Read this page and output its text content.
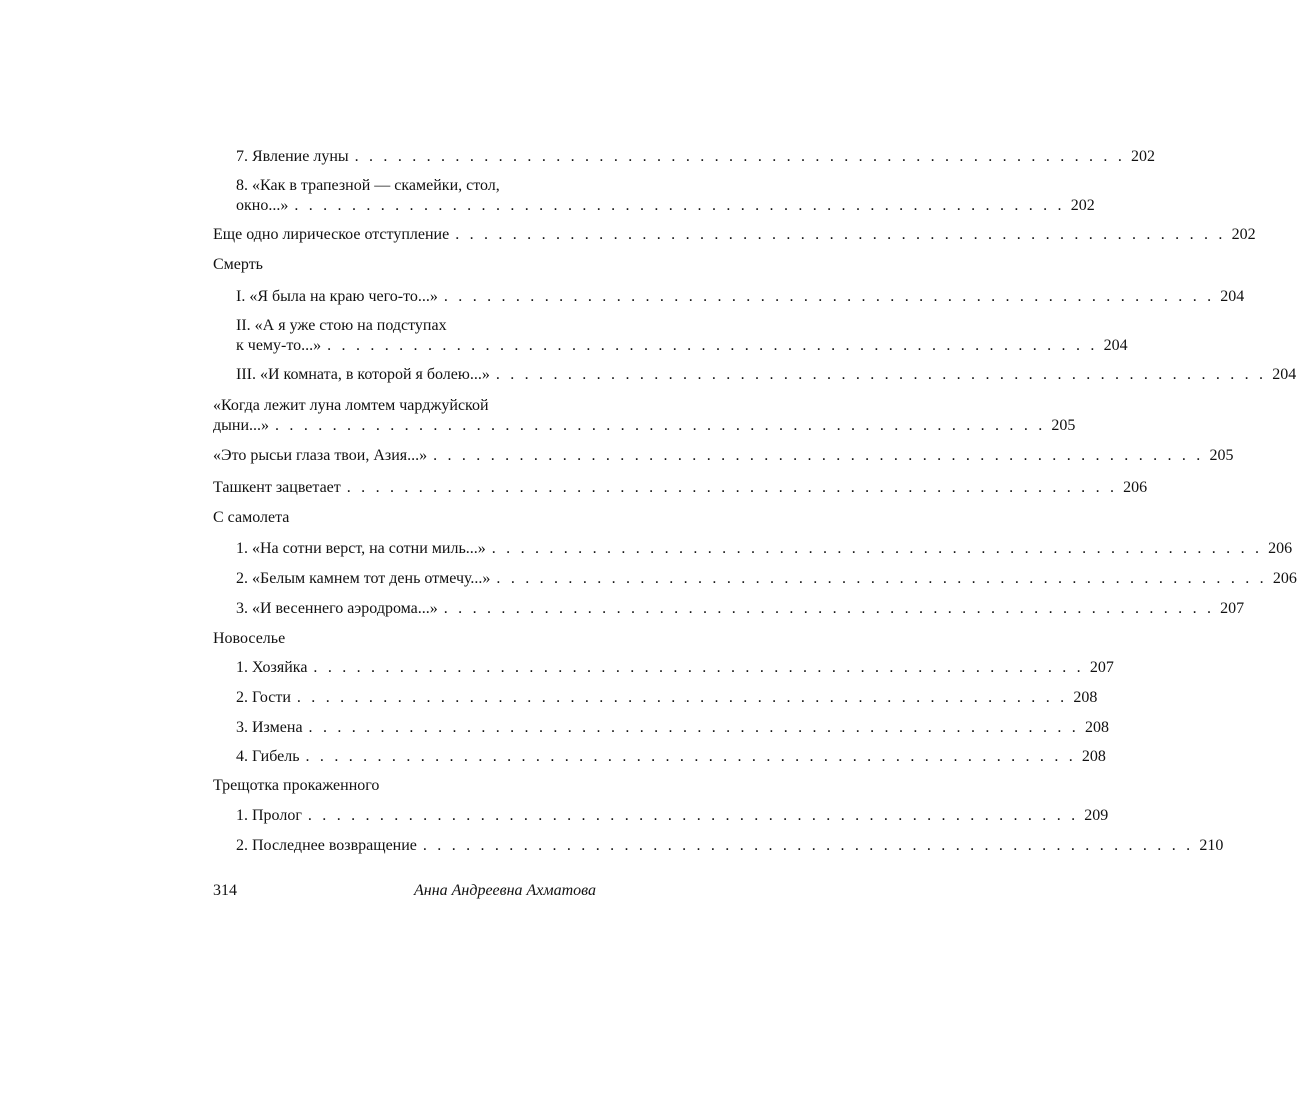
7. Явление луны . . . . . . . . . . . . . . . . . . . . . . . . . . . . . . . . . . . . . . . . . . . . . . . . . . . . . . 202
8. «Как в трапезной — скамейки, стол,
окно...» . . . . . . . . . . . . . . . . . . . . . . . . . . . . . . . . . . . . . . . . . . . . . . . . . . . . . . 202
Еще одно лирическое отступление . . . . . . . . . . . . . . . . . . . . . . . . . . . . . . . . . . . . . . . . . . . . . . . . . . . . . . 202
Смерть
I. «Я была на краю чего-то...» . . . . . . . . . . . . . . . . . . . . . . . . . . . . . . . . . . . . . . . . . . . . . . . . . . . . . . 204
II. «А я уже стою на подступах
к чему-то...» . . . . . . . . . . . . . . . . . . . . . . . . . . . . . . . . . . . . . . . . . . . . . . . . . . . . . . 204
III. «И комната, в которой я болею...» . . . . . . . . . . . . . . . . . . . . . . . . . . . . . . . . . . . . . . . . . . . . . . . . . . . . . . 204
«Когда лежит луна ломтем чарджуйской
дыни...» . . . . . . . . . . . . . . . . . . . . . . . . . . . . . . . . . . . . . . . . . . . . . . . . . . . . . . 205
«Это рысьи глаза твои, Азия...» . . . . . . . . . . . . . . . . . . . . . . . . . . . . . . . . . . . . . . . . . . . . . . . . . . . . . . 205
Ташкент зацветает . . . . . . . . . . . . . . . . . . . . . . . . . . . . . . . . . . . . . . . . . . . . . . . . . . . . . . 206
С самолета
1. «На сотни верст, на сотни миль...» . . . . . . . . . . . . . . . . . . . . . . . . . . . . . . . . . . . . . . . . . . . . . . . . . . . . . . 206
2. «Белым камнем тот день отмечу...» . . . . . . . . . . . . . . . . . . . . . . . . . . . . . . . . . . . . . . . . . . . . . . . . . . . . . . 206
3. «И весеннего аэродрома...» . . . . . . . . . . . . . . . . . . . . . . . . . . . . . . . . . . . . . . . . . . . . . . . . . . . . . . 207
Новоселье
1. Хозяйка . . . . . . . . . . . . . . . . . . . . . . . . . . . . . . . . . . . . . . . . . . . . . . . . . . . . . . 207
2. Гости . . . . . . . . . . . . . . . . . . . . . . . . . . . . . . . . . . . . . . . . . . . . . . . . . . . . . . 208
3. Измена . . . . . . . . . . . . . . . . . . . . . . . . . . . . . . . . . . . . . . . . . . . . . . . . . . . . . . 208
4. Гибель . . . . . . . . . . . . . . . . . . . . . . . . . . . . . . . . . . . . . . . . . . . . . . . . . . . . . . 208
Трещотка прокаженного
1. Пролог . . . . . . . . . . . . . . . . . . . . . . . . . . . . . . . . . . . . . . . . . . . . . . . . . . . . . . 209
2. Последнее возвращение . . . . . . . . . . . . . . . . . . . . . . . . . . . . . . . . . . . . . . . . . . . . . . . . . . . . . . 210
314	Анна Андреевна Ахматова
